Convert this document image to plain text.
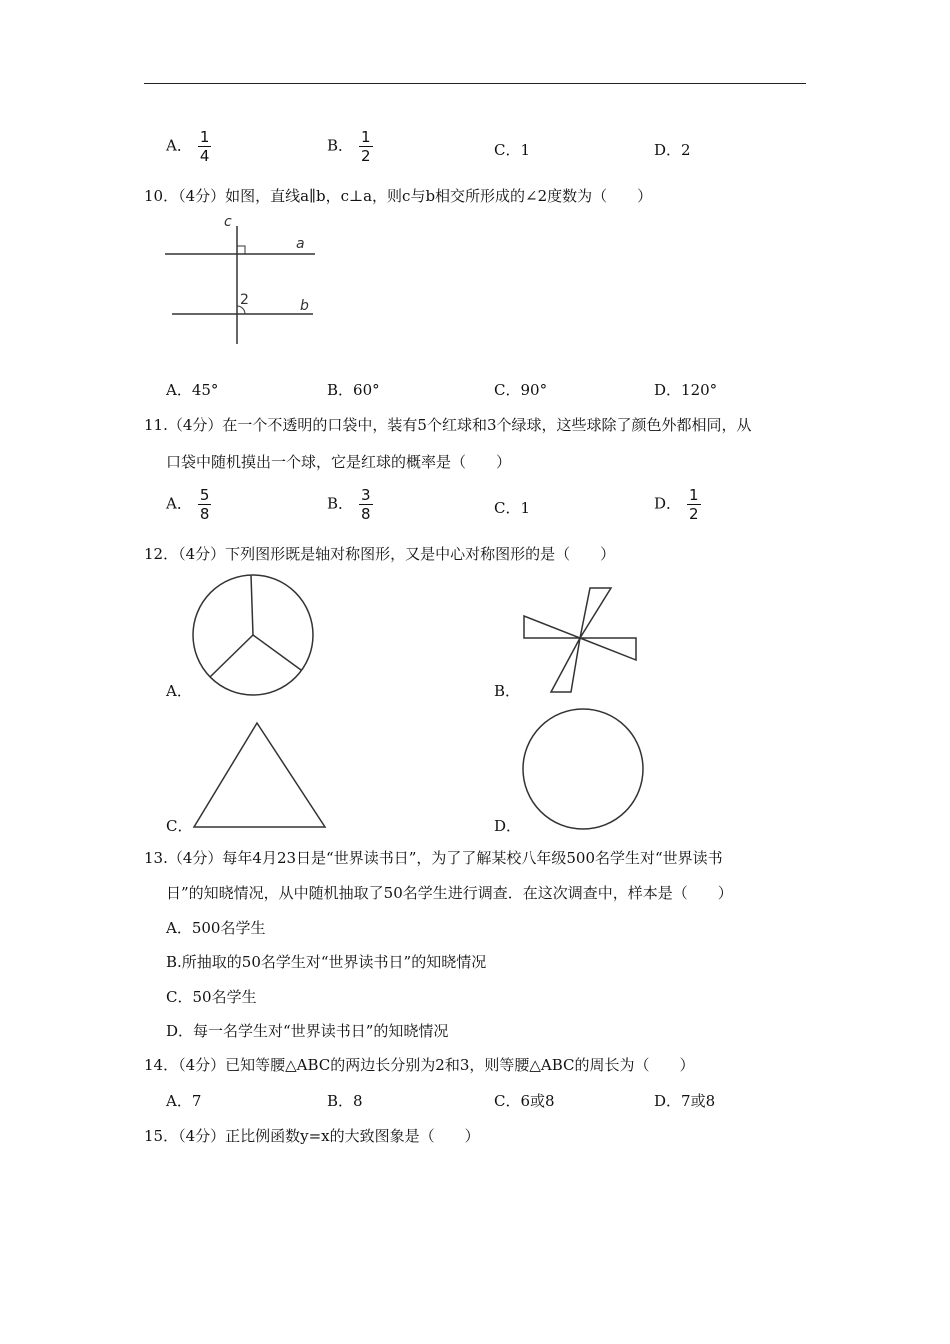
A． $\frac{1}{4}$	B． $\frac{1}{2}$	C．1	D．2
10．（4分）如图，直线a∥b，c⊥a，则c与b相交所形成的∠2度数为（　　）
c
a
b
2
A．45°	B．60°	C．90°	D．120°
11.（4分）在一个不透明的口袋中，装有5个红球和3个绿球，这些球除了颜色外都相同，从
口袋中随机摸出一个球，它是红球的概率是（　　）
A． $\frac{5}{8}$	B． $\frac{3}{8}$	C．1	D． $\frac{1}{2}$
12．（4分）下列图形既是轴对称图形，又是中心对称图形的是（　　）
A．	B．
C．	D．
13.（4分）每年4月23日是“世界读书日”，为了了解某校八年级500名学生对“世界读书
日”的知晓情况，从中随机抽取了50名学生进行调查．在这次调查中，样本是（　　）
A．500名学生
B.所抽取的50名学生对“世界读书日”的知晓情况
C．50名学生
D．每一名学生对“世界读书日”的知晓情况
14．（4分）已知等腰△ABC的两边长分别为2和3，则等腰△ABC的周长为（　　）
A．7	B．8	C．6或8	D．7或8
15．（4分）正比例函数y=x的大致图象是（　　）
